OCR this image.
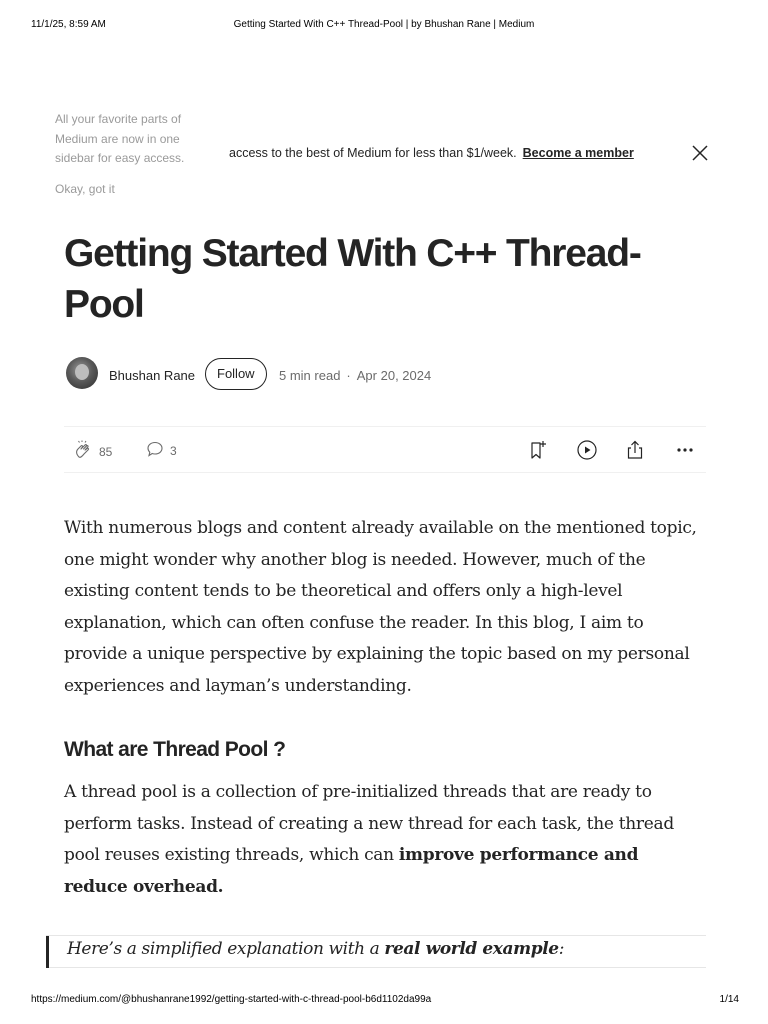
11/1/25, 8:59 AM	Getting Started With C++ Thread-Pool | by Bhushan Rane | Medium
All your favorite parts of Medium are now in one sidebar for easy access.
Okay, got it
access to the best of Medium for less than $1/week. Become a member
Getting Started With C++ Thread-Pool
Bhushan Rane	Follow	5 min read · Apr 20, 2024
85	3

With numerous blogs and content already available on the mentioned topic, one might wonder why another blog is needed. However, much of the existing content tends to be theoretical and offers only a high-level explanation, which can often confuse the reader. In this blog, I aim to provide a unique perspective by explaining the topic based on my personal experiences and layman’s understanding.

What are Thread Pool ?

A thread pool is a collection of pre-initialized threads that are ready to perform tasks. Instead of creating a new thread for each task, the thread pool reuses existing threads, which can improve performance and reduce overhead.

Here’s a simplified explanation with a real world example:
https://medium.com/@bhushanrane1992/getting-started-with-c-thread-pool-b6d1102da99a	1/14
